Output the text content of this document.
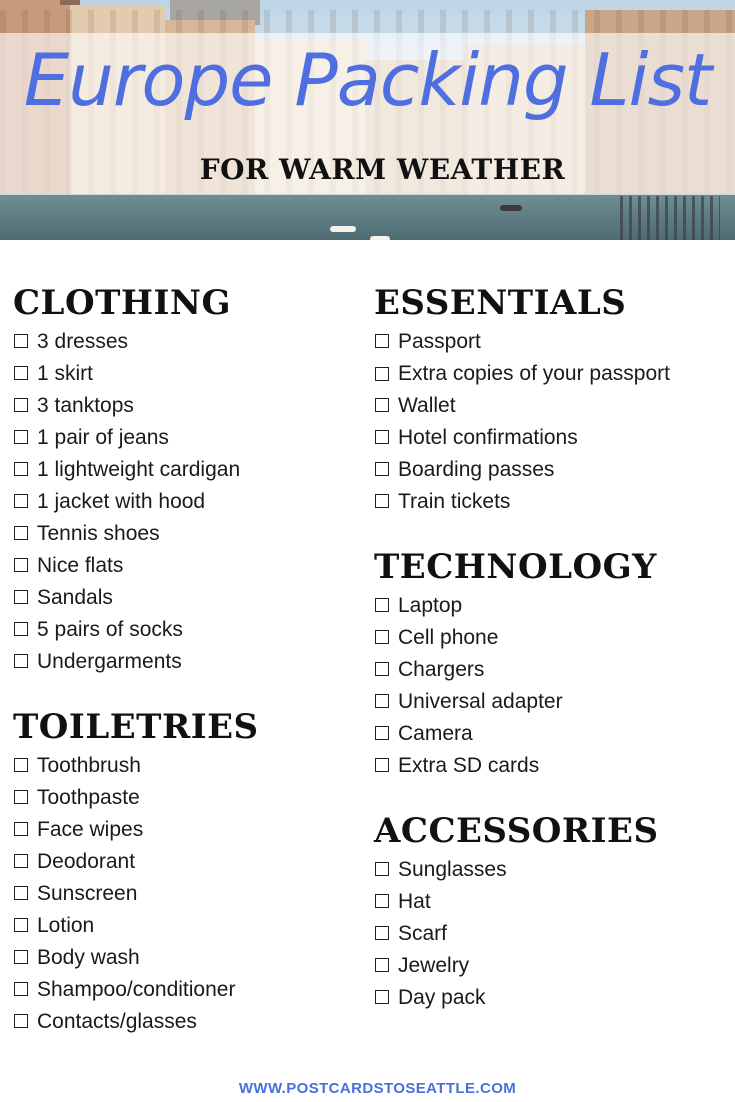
Europe Packing List
FOR WARM WEATHER
CLOTHING
3 dresses
1 skirt
3 tanktops
1 pair of jeans
1 lightweight cardigan
1 jacket with hood
Tennis shoes
Nice flats
Sandals
5 pairs of socks
Undergarments
TOILETRIES
Toothbrush
Toothpaste
Face wipes
Deodorant
Sunscreen
Lotion
Body wash
Shampoo/conditioner
Contacts/glasses
ESSENTIALS
Passport
Extra copies of your passport
Wallet
Hotel confirmations
Boarding passes
Train tickets
TECHNOLOGY
Laptop
Cell phone
Chargers
Universal adapter
Camera
Extra SD cards
ACCESSORIES
Sunglasses
Hat
Scarf
Jewelry
Day pack
WWW.POSTCARDSTOSEATTLE.COM
